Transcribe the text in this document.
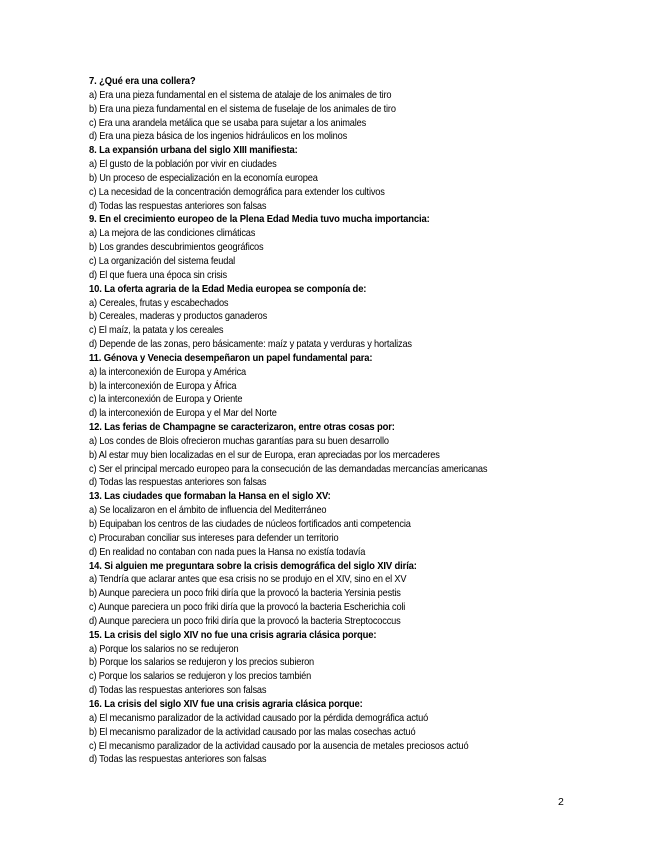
7. ¿Qué era una collera?
a) Era una pieza fundamental en el sistema de atalaje de los animales de tiro
b) Era una pieza fundamental en el sistema de fuselaje de los animales de tiro
c) Era una arandela metálica que se usaba para sujetar a los animales
d) Era una pieza básica de los ingenios hidráulicos en los molinos
8. La expansión urbana del siglo XIII manifiesta:
a) El gusto de la población por vivir en ciudades
b) Un proceso de especialización en la economía europea
c) La necesidad de la concentración demográfica para extender los cultivos
d) Todas las respuestas anteriores son falsas
9. En el crecimiento europeo de la Plena Edad Media tuvo mucha importancia:
a) La mejora de las condiciones climáticas
b) Los grandes descubrimientos geográficos
c) La organización del sistema feudal
d) El que fuera una época sin crisis
10. La oferta agraria de la Edad Media europea se componía de:
a) Cereales, frutas y escabechados
b) Cereales, maderas y productos ganaderos
c) El maíz, la patata y los cereales
d) Depende de las zonas, pero básicamente: maíz y patata y verduras y hortalizas
11. Génova y Venecia desempeñaron un papel fundamental para:
a) la interconexión de Europa y América
b) la interconexión de Europa y África
c) la interconexión de Europa y Oriente
d) la interconexión de Europa y el Mar del Norte
12. Las ferias de Champagne se caracterizaron, entre otras cosas por:
a) Los condes de Blois ofrecieron muchas garantías para su buen desarrollo
b) Al estar muy bien localizadas en el sur de Europa, eran apreciadas por los mercaderes
c) Ser el principal mercado europeo para la consecución de las demandadas mercancías americanas
d) Todas las respuestas anteriores son falsas
13. Las ciudades que formaban la Hansa en el siglo XV:
a) Se localizaron en el ámbito de influencia del Mediterráneo
b) Equipaban los centros de las ciudades de núcleos fortificados anti competencia
c) Procuraban conciliar sus intereses para defender un territorio
d) En realidad no contaban con nada pues la Hansa no existía todavía
14. Si alguien me preguntara sobre la crisis demográfica del siglo XIV diría:
a) Tendría que aclarar antes que esa crisis no se produjo en el XIV, sino en el XV
b) Aunque pareciera un poco friki diría que la provocó la bacteria Yersinia pestis
c) Aunque pareciera un poco friki diría que la provocó la bacteria Escherichia coli
d) Aunque pareciera un poco friki diría que la provocó la bacteria Streptococcus
15. La crisis del siglo XIV no fue una crisis agraria clásica porque:
a) Porque los salarios no se redujeron
b) Porque los salarios se redujeron y los precios subieron
c) Porque los salarios se redujeron y los precios también
d) Todas las respuestas anteriores son falsas
16. La crisis del siglo XIV fue una crisis agraria clásica porque:
a) El mecanismo paralizador de la actividad causado por la pérdida demográfica actuó
b) El mecanismo paralizador de la actividad causado por las malas cosechas actuó
c) El mecanismo paralizador de la actividad causado por la ausencia de metales preciosos actuó
d) Todas las respuestas anteriores son falsas
2
